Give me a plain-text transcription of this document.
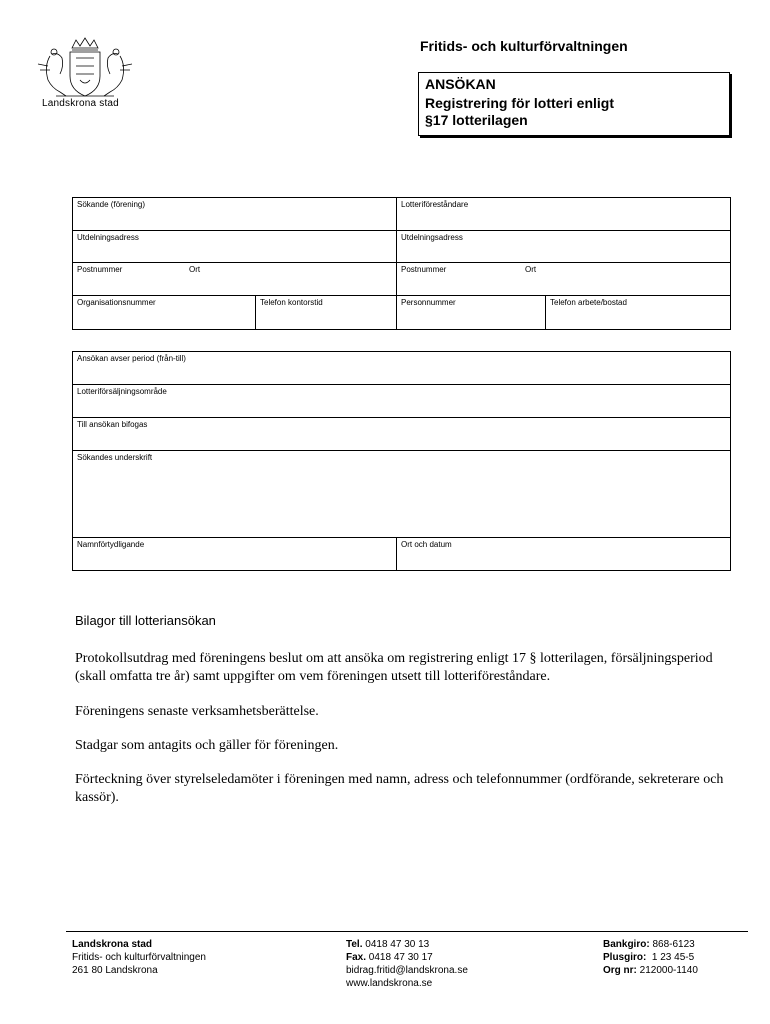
Landskrona stad
Fritids- och kulturförvaltningen
ANSÖKAN
Registrering för lotteri enligt
§17 lotterilagen
Sökande (förening)	Lotteriföreståndare
Utdelningsadress	Utdelningsadress
Postnummer	Ort	Postnummer	Ort
Organisationsnummer	Telefon kontorstid	Personnummer	Telefon arbete/bostad
Ansökan avser period (från-till)
Lotteriförsäljningsområde
Till ansökan bifogas
Sökandes underskrift
Namnförtydligande	Ort och datum
Bilagor till lotteriansökan
Protokollsutdrag med föreningens beslut om att ansöka om registrering enligt 17 § lotterilagen, försäljningsperiod (skall omfatta tre år) samt uppgifter om vem föreningen utsett till lotteriföreståndare.
Föreningens senaste verksamhetsberättelse.
Stadgar som antagits och gäller för föreningen.
Förteckning över styrelseledamöter i föreningen med namn, adress och telefonnummer (ordförande, sekreterare och kassör).
Landskrona stad
Fritids- och kulturförvaltningen
261 80 Landskrona
Tel. 0418 47 30 13
Fax. 0418 47 30 17
bidrag.fritid@landskrona.se
www.landskrona.se
Bankgiro: 868-6123
Plusgiro: 1 23 45-5
Org nr: 212000-1140
